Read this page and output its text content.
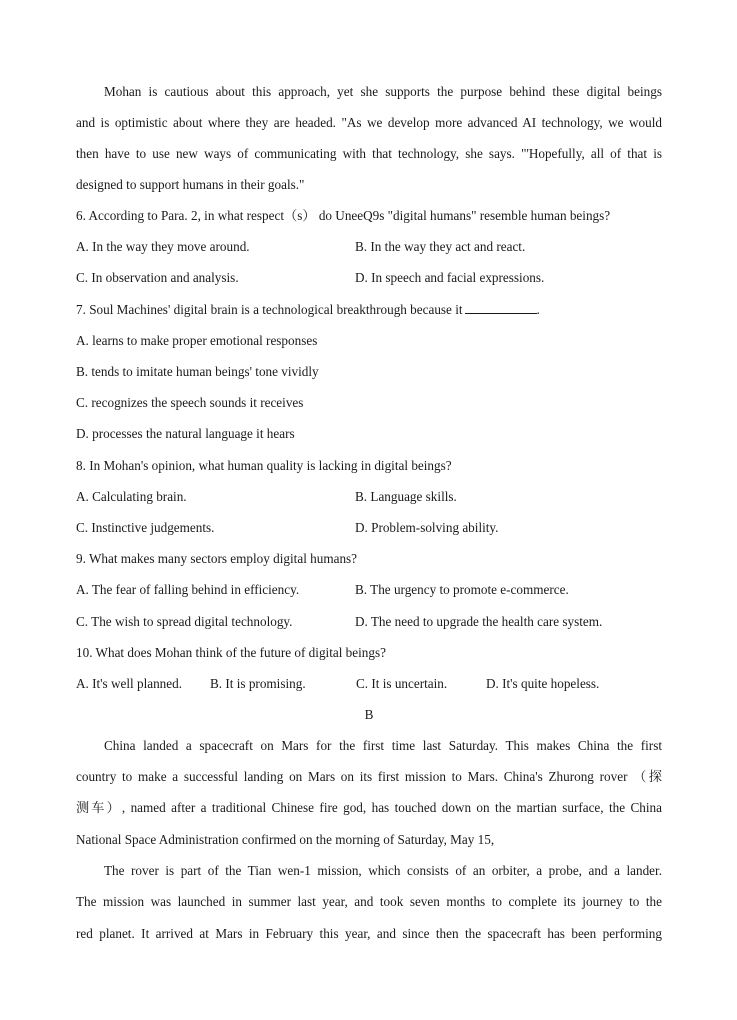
Mohan is cautious about this approach, yet she supports the purpose behind these digital beings
and is optimistic about where they are headed. "As we develop more advanced AI technology, we would
then have to use new ways of communicating with that technology, she says. "'Hopefully, all of that is
designed to support humans in their goals."
6. According to Para. 2, in what respect（s） do UneeQ9s "digital humans" resemble human beings?
A. In the way they move around.	B. In the way they act and react.
C. In observation and analysis.	D. In speech and facial expressions.
7. Soul Machines' digital brain is a technological breakthrough because it	.
A. learns to make proper emotional responses
B. tends to imitate human beings' tone vividly
C. recognizes the speech sounds it receives
D. processes the natural language it hears
8. In Mohan's opinion, what human quality is lacking in digital beings?
A. Calculating brain.	B. Language skills.
C. Instinctive judgements.	D. Problem-solving ability.
9. What makes many sectors employ digital humans?
A. The fear of falling behind in efficiency.	B. The urgency to promote e-commerce.
C. The wish to spread digital technology.	D. The need to upgrade the health care system.
10. What does Mohan think of the future of digital beings?
A. It's well planned. B. It is promising.	C. It is uncertain.	D. It's quite hopeless.
B
China landed a spacecraft on Mars for the first time last Saturday. This makes China the first
country to make a successful landing on Mars on its first mission to Mars. China's Zhurong rover （探
测车）, named after a traditional Chinese fire god, has touched down on the martian surface, the China
National Space Administration confirmed on the morning of Saturday, May 15,
The rover is part of the Tian wen-1 mission, which consists of an orbiter, a probe, and a lander.
The mission was launched in summer last year, and took seven months to complete its journey to the
red planet. It arrived at Mars in February this year, and since then the spacecraft has been performing
